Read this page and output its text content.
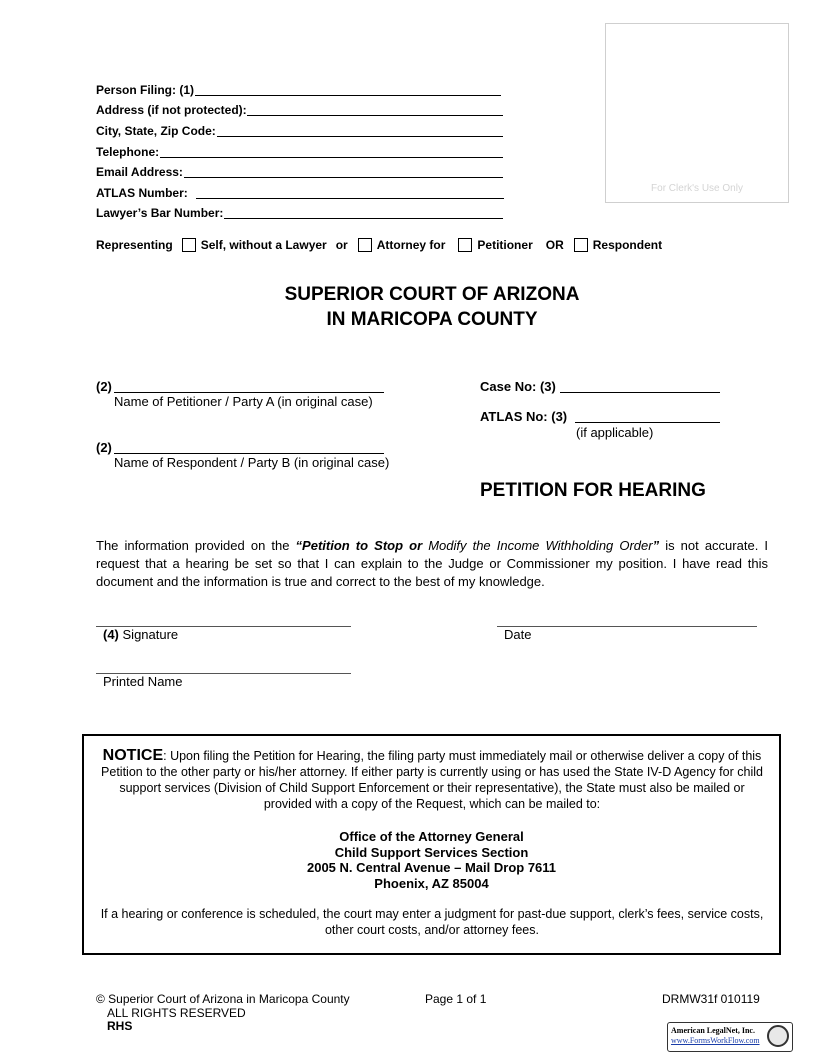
Person Filing: (1)
Address (if not protected):
City, State, Zip Code:
Telephone:
Email Address:
ATLAS Number:
Lawyer’s Bar Number:
For Clerk's Use Only
Representing Self, without a Lawyer or Attorney for	Petitioner OR Respondent
SUPERIOR COURT OF ARIZONA
IN MARICOPA COUNTY
(2)
Name of Petitioner / Party A (in original case)
(2)
Name of Respondent / Party B (in original case)
Case No: (3)
ATLAS No: (3)
(if applicable)
PETITION FOR HEARING
The information provided on the “Petition to Stop or Modify the Income Withholding Order” is not accurate. I request that a hearing be set so that I can explain to the Judge or Commissioner my position. I have read this document and the information is true and correct to the best of my knowledge.
(4) Signature	Date
Printed Name
NOTICE: Upon filing the Petition for Hearing, the filing party must immediately mail or otherwise deliver a copy of this Petition to the other party or his/her attorney. If either party is currently using or has used the State IV-D Agency for child support services (Division of Child Support Enforcement or their representative), the State must also be mailed or provided with a copy of the Request, which can be mailed to:
Office of the Attorney General
Child Support Services Section
2005 N. Central Avenue – Mail Drop 7611
Phoenix, AZ 85004
If a hearing or conference is scheduled, the court may enter a judgment for past-due support, clerk’s fees, service costs, other court costs, and/or attorney fees.
© Superior Court of Arizona in Maricopa County
ALL RIGHTS RESERVED
RHS
Page 1 of 1	DRMW31f 010119
American LegalNet, Inc.
www.FormsWorkFlow.com
